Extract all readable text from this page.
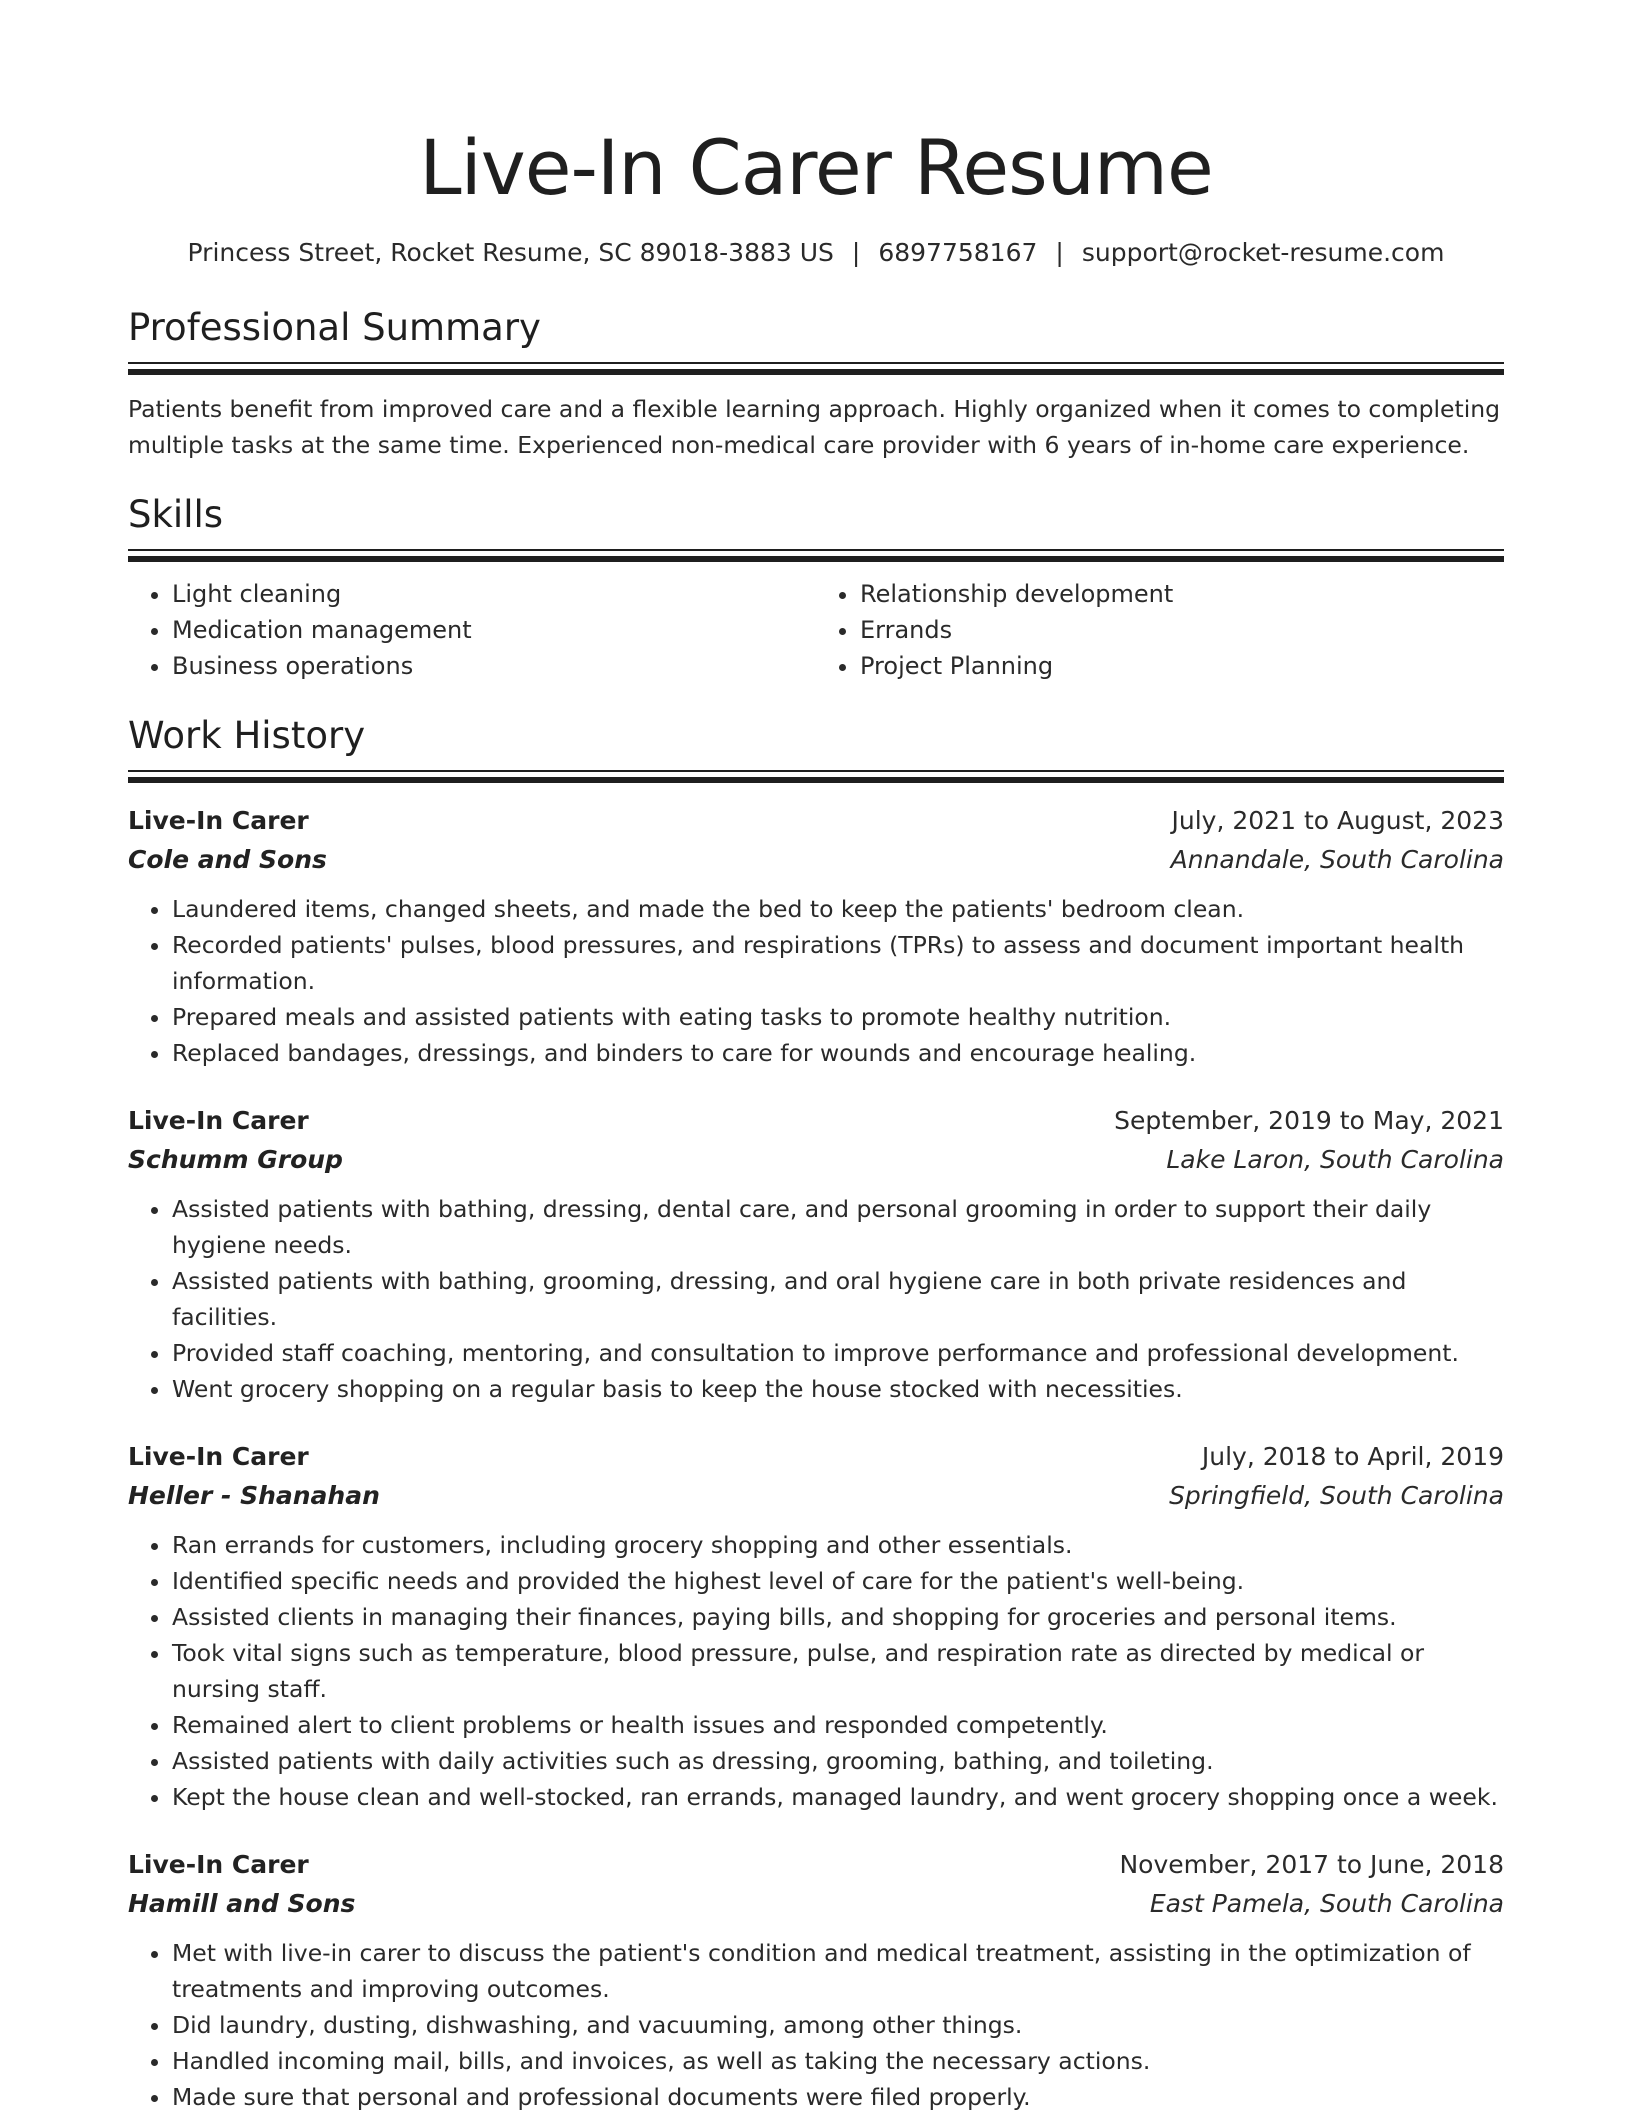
Live-In Carer Resume
Princess Street, Rocket Resume, SC 89018-3883 US | 6897758167 | support@rocket-resume.com
Professional Summary

Patients benefit from improved care and a flexible learning approach. Highly organized when it comes to completing multiple tasks at the same time. Experienced non-medical care provider with 6 years of in-home care experience.

Skills
• Light cleaning
• Medication management
• Business operations
• Relationship development
• Errands
• Project Planning
Work History
Live-In Carer	July, 2021 to August, 2023
Cole and Sons	Annandale, South Carolina
• Laundered items, changed sheets, and made the bed to keep the patients' bedroom clean.
• Recorded patients' pulses, blood pressures, and respirations (TPRs) to assess and document important health information.
• Prepared meals and assisted patients with eating tasks to promote healthy nutrition.
• Replaced bandages, dressings, and binders to care for wounds and encourage healing.
Live-In Carer	September, 2019 to May, 2021
Schumm Group	Lake Laron, South Carolina
• Assisted patients with bathing, dressing, dental care, and personal grooming in order to support their daily hygiene needs.
• Assisted patients with bathing, grooming, dressing, and oral hygiene care in both private residences and facilities.
• Provided staff coaching, mentoring, and consultation to improve performance and professional development.
• Went grocery shopping on a regular basis to keep the house stocked with necessities.
Live-In Carer	July, 2018 to April, 2019
Heller - Shanahan	Springfield, South Carolina
• Ran errands for customers, including grocery shopping and other essentials.
• Identified specific needs and provided the highest level of care for the patient's well-being.
• Assisted clients in managing their finances, paying bills, and shopping for groceries and personal items.
• Took vital signs such as temperature, blood pressure, pulse, and respiration rate as directed by medical or nursing staff.
• Remained alert to client problems or health issues and responded competently.
• Assisted patients with daily activities such as dressing, grooming, bathing, and toileting.
• Kept the house clean and well-stocked, ran errands, managed laundry, and went grocery shopping once a week.
Live-In Carer	November, 2017 to June, 2018
Hamill and Sons	East Pamela, South Carolina
• Met with live-in carer to discuss the patient's condition and medical treatment, assisting in the optimization of treatments and improving outcomes.
• Did laundry, dusting, dishwashing, and vacuuming, among other things.
• Handled incoming mail, bills, and invoices, as well as taking the necessary actions.
• Made sure that personal and professional documents were filed properly.
